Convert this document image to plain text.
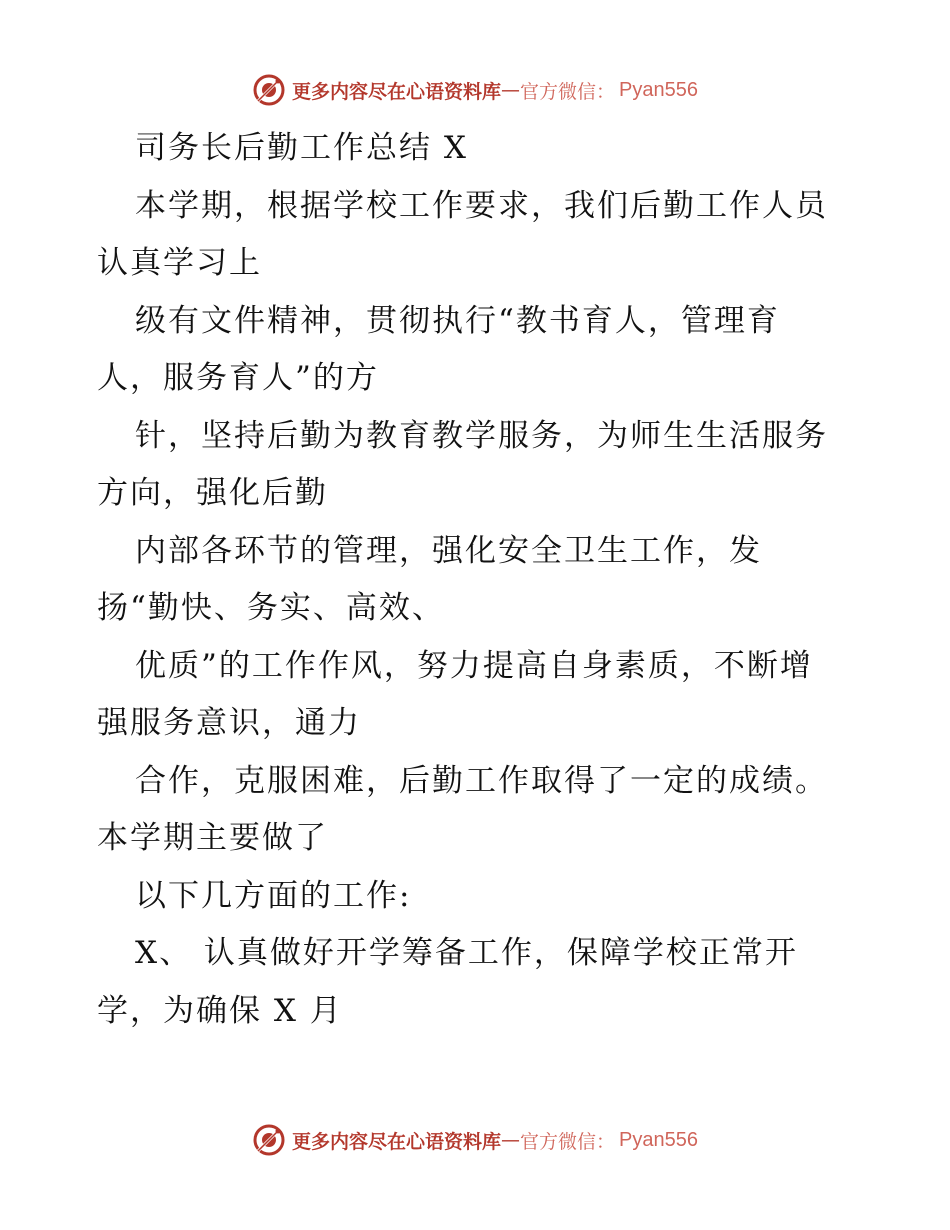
更多内容尽在心语资料库 — 官方微信： Pyan556
司务长后勤工作总结 X
本学期，根据学校工作要求，我们后勤工作人员
认真学习上
级有文件精神，贯彻执行“教书育人，管理育
人，服务育人”的方
针，坚持后勤为教育教学服务，为师生生活服务
方向，强化后勤
内部各环节的管理，强化安全卫生工作，发
扬“勤快、务实、高效、
优质”的工作作风，努力提高自身素质，不断增
强服务意识，通力
合作，克服困难，后勤工作取得了一定的成绩。
本学期主要做了
以下几方面的工作:
X、 认真做好开学筹备工作，保障学校正常开
学，为确保 X 月
更多内容尽在心语资料库 — 官方微信： Pyan556
